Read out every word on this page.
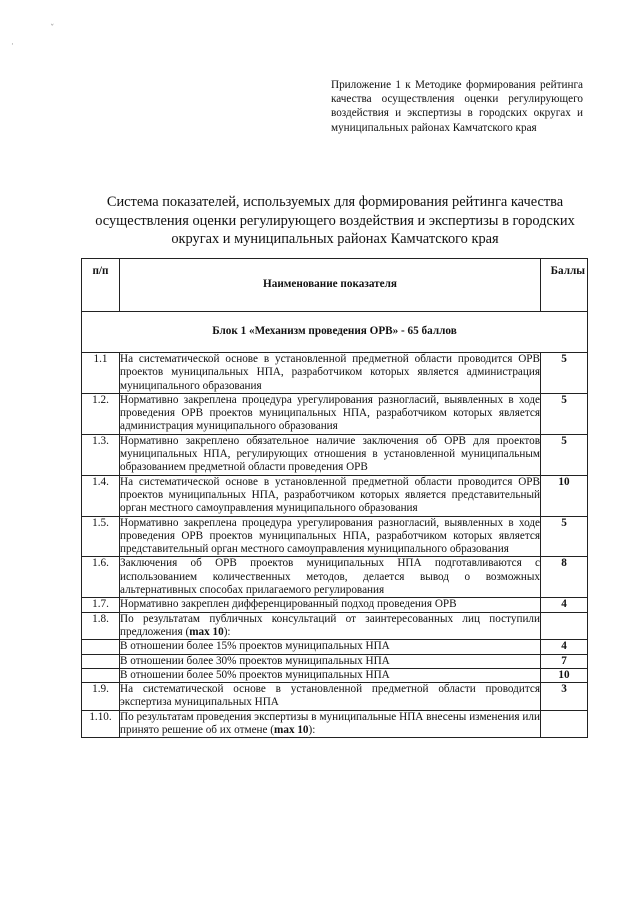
ˇ
·
Приложение 1 к Методике формирования рейтинга качества осуществления оценки регулирующего воздействия и экспертизы в городских округах и муниципальных районах Камчатского края
Система показателей, используемых для формирования рейтинга качества осуществления оценки регулирующего воздействия и экспертизы в городских округах и муниципальных районах Камчатского края
п/п	Наименование показателя	Баллы
Блок 1 «Механизм проведения ОРВ» - 65 баллов		
1.1	На систематической основе в установленной предметной области проводится ОРВ проектов муниципальных НПА, разработчиком которых является администрация муниципального образования	5
1.2.	Нормативно закреплена процедура урегулирования разногласий, выявленных в ходе проведения ОРВ проектов муниципальных НПА, разработчиком которых является администрация муниципального образования	5
1.3.	Нормативно закреплено обязательное наличие заключения об ОРВ для проектов муниципальных НПА, регулирующих отношения в установленной муниципальным образованием предметной области проведения ОРВ	5
1.4.	На систематической основе в установленной предметной области проводится ОРВ проектов муниципальных НПА, разработчиком которых является представительный орган местного самоуправления муниципального образования	10
1.5.	Нормативно закреплена процедура урегулирования разногласий, выявленных в ходе проведения ОРВ проектов муниципальных НПА, разработчиком которых является представительный орган местного самоуправления муниципального образования	5
1.6.	Заключения об ОРВ проектов муниципальных НПА подготавливаются с использованием количественных методов, делается вывод о возможных альтернативных способах прилагаемого регулирования	8
1.7.	Нормативно закреплен дифференцированный подход проведения ОРВ	4
1.8.	По результатам публичных консультаций от заинтересованных лиц поступили предложения (max 10):	
	В отношении более 15% проектов муниципальных НПА	4
	В отношении более 30% проектов муниципальных НПА	7
	В отношении более 50% проектов муниципальных НПА	10
1.9.	На систематической основе в установленной предметной области проводится экспертиза муниципальных НПА	3
1.10.	По результатам проведения экспертизы в муниципальные НПА внесены изменения или принято решение об их отмене (max 10):	
